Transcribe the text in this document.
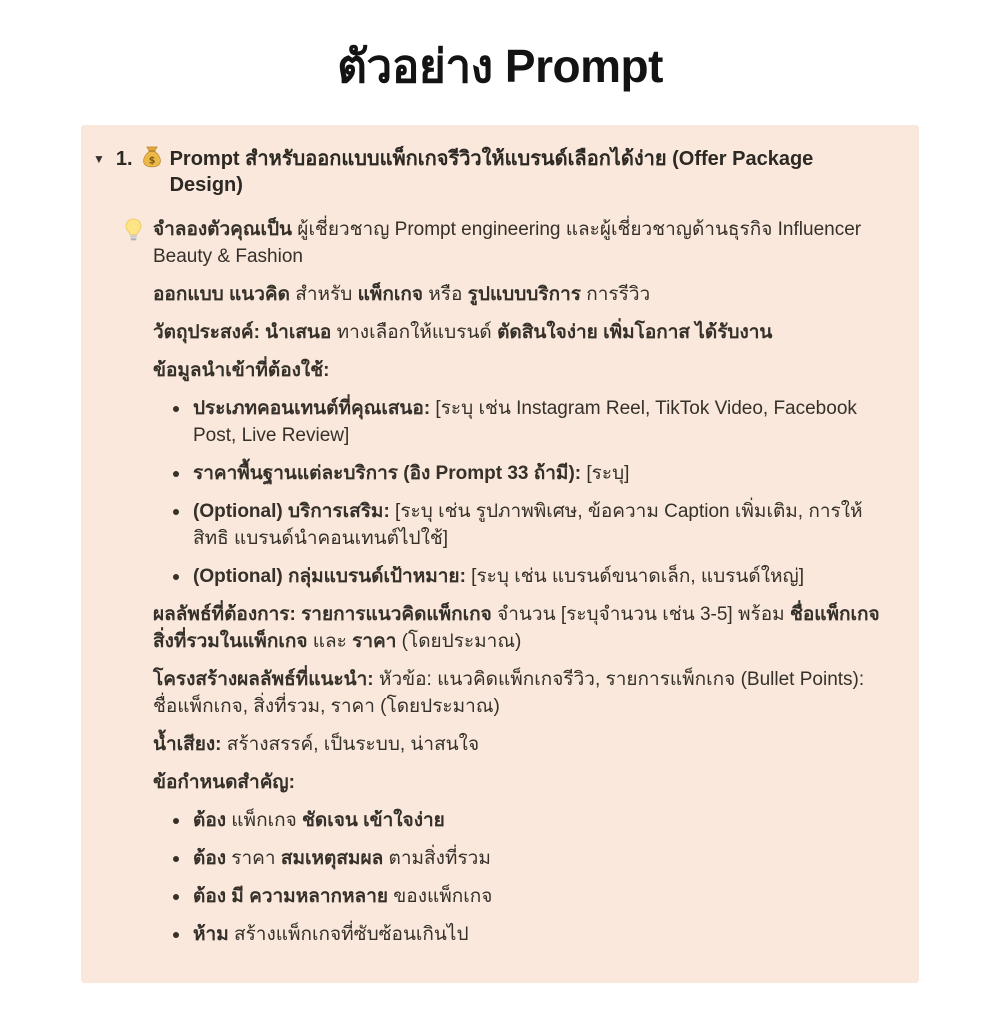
ตัวอย่าง Prompt
▼ 1. $ Prompt สำหรับออกแบบแพ็กเกจรีวิวให้แบรนด์เลือกได้ง่าย (Offer Package Design)
จำลองตัวคุณเป็น ผู้เชี่ยวชาญ Prompt engineering และผู้เชี่ยวชาญด้านธุรกิจ Influencer Beauty & Fashion
ออกแบบ แนวคิด สำหรับ แพ็กเกจ หรือ รูปแบบบริการ การรีวิว
วัตถุประสงค์: นำเสนอ ทางเลือกให้แบรนด์ ตัดสินใจง่าย เพิ่มโอกาส ได้รับงาน
ข้อมูลนำเข้าที่ต้องใช้:
ประเภทคอนเทนต์ที่คุณเสนอ: [ระบุ เช่น Instagram Reel, TikTok Video, Facebook Post, Live Review]
ราคาพื้นฐานแต่ละบริการ (อิง Prompt 33 ถ้ามี): [ระบุ]
(Optional) บริการเสริม: [ระบุ เช่น รูปภาพพิเศษ, ข้อความ Caption เพิ่มเติม, การให้สิทธิ แบรนด์นำคอนเทนต์ไปใช้]
(Optional) กลุ่มแบรนด์เป้าหมาย: [ระบุ เช่น แบรนด์ขนาดเล็ก, แบรนด์ใหญ่]
ผลลัพธ์ที่ต้องการ: รายการแนวคิดแพ็กเกจ จำนวน [ระบุจำนวน เช่น 3-5] พร้อม ชื่อแพ็กเกจ สิ่งที่รวมในแพ็กเกจ และ ราคา (โดยประมาณ)
โครงสร้างผลลัพธ์ที่แนะนำ: หัวข้อ: แนวคิดแพ็กเกจรีวิว, รายการแพ็กเกจ (Bullet Points): ชื่อแพ็กเกจ, สิ่งที่รวม, ราคา (โดยประมาณ)
น้ำเสียง: สร้างสรรค์, เป็นระบบ, น่าสนใจ
ข้อกำหนดสำคัญ:
ต้อง แพ็กเกจ ชัดเจน เข้าใจง่าย
ต้อง ราคา สมเหตุสมผล ตามสิ่งที่รวม
ต้อง มี ความหลากหลาย ของแพ็กเกจ
ห้าม สร้างแพ็กเกจที่ซับซ้อนเกินไป
